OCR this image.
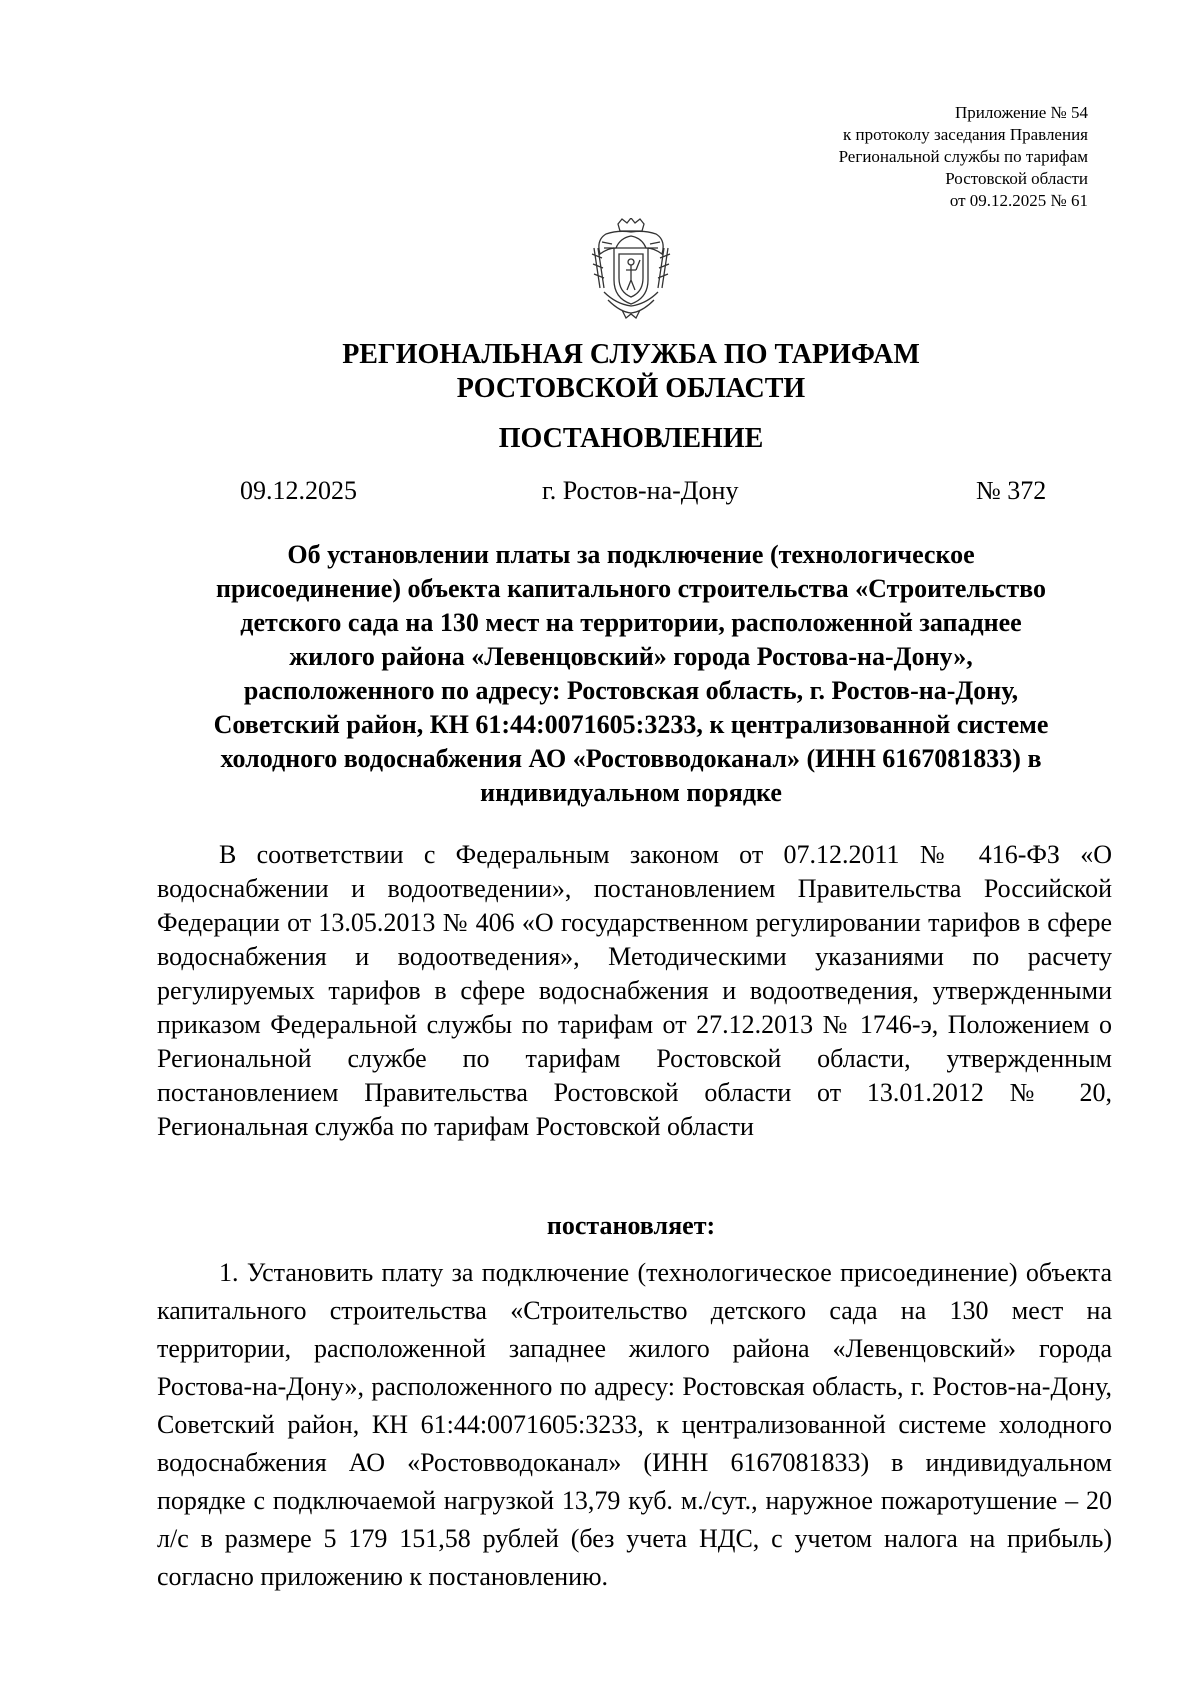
Приложение № 54
к протоколу заседания Правления
Региональной службы по тарифам
Ростовской области
от 09.12.2025 № 61
РЕГИОНАЛЬНАЯ СЛУЖБА ПО ТАРИФАМ
РОСТОВСКОЙ ОБЛАСТИ
ПОСТАНОВЛЕНИЕ
09.12.2025	г. Ростов-на-Дону	№ 372
Об установлении платы за подключение (технологическое
присоединение) объекта капитального строительства «Строительство
детского сада на 130 мест на территории, расположенной западнее
жилого района «Левенцовский» города Ростова-на-Дону»,
расположенного по адресу: Ростовская область, г. Ростов-на-Дону,
Советский район, КН 61:44:0071605:3233, к централизованной системе
холодного водоснабжения АО «Ростовводоканал» (ИНН 6167081833) в
индивидуальном порядке
В соответствии с Федеральным законом от 07.12.2011 № 416-ФЗ «О водоснабжении и водоотведении», постановлением Правительства Российской Федерации от 13.05.2013 № 406 «О государственном регулировании тарифов в сфере водоснабжения и водоотведения», Методическими указаниями по расчету регулируемых тарифов в сфере водоснабжения и водоотведения, утвержденными приказом Федеральной службы по тарифам от 27.12.2013 № 1746-э, Положением о Региональной службе по тарифам Ростовской области, утвержденным постановлением Правительства Ростовской области от 13.01.2012 № 20, Региональная служба по тарифам Ростовской области
постановляет:
1. Установить плату за подключение (технологическое присоединение) объекта капитального строительства «Строительство детского сада на 130 мест на территории, расположенной западнее жилого района «Левенцовский» города Ростова-на-Дону», расположенного по адресу: Ростовская область, г. Ростов-на-Дону, Советский район, КН 61:44:0071605:3233, к централизованной системе холодного водоснабжения АО «Ростовводоканал» (ИНН 6167081833) в индивидуальном порядке с подключаемой нагрузкой 13,79 куб. м./сут., наружное пожаротушение – 20 л/с в размере 5 179 151,58 рублей (без учета НДС, с учетом налога на прибыль) согласно приложению к постановлению.
